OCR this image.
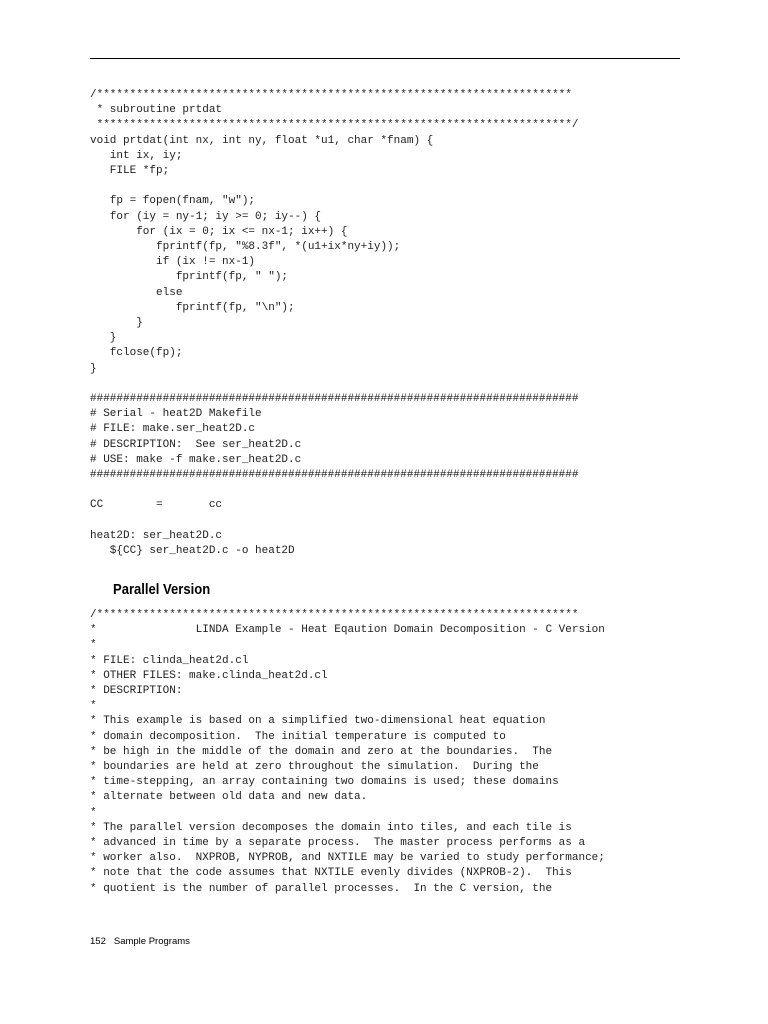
/************************************************************************
* subroutine prtdat
************************************************************************/
void prtdat(int nx, int ny, float *u1, char *fnam) {
int ix, iy;
FILE *fp;

fp = fopen(fnam, "w");
for (iy = ny-1; iy >= 0; iy--) {
for (ix = 0; ix <= nx-1; ix++) {
fprintf(fp, "%8.3f", *(u1+ix*ny+iy));
if (ix != nx-1)
fprintf(fp, " ");
else
fprintf(fp, "\n");
}
}
fclose(fp);
}

##########################################################################
# Serial - heat2D Makefile
# FILE: make.ser_heat2D.c
# DESCRIPTION:  See ser_heat2D.c
# USE: make -f make.ser_heat2D.c
##########################################################################

CC        =       cc

heat2D: ser_heat2D.c
${CC} ser_heat2D.c -o heat2D
Parallel Version
/*************************************************************************
*               LINDA Example - Heat Eqaution Domain Decomposition - C Version
*
* FILE: clinda_heat2d.cl
* OTHER FILES: make.clinda_heat2d.cl
* DESCRIPTION:
*
* This example is based on a simplified two-dimensional heat equation
* domain decomposition.  The initial temperature is computed to
* be high in the middle of the domain and zero at the boundaries.  The
* boundaries are held at zero throughout the simulation.  During the
* time-stepping, an array containing two domains is used; these domains
* alternate between old data and new data.
*
* The parallel version decomposes the domain into tiles, and each tile is
* advanced in time by a separate process.  The master process performs as a
* worker also.  NXPROB, NYPROB, and NXTILE may be varied to study performance;
* note that the code assumes that NXTILE evenly divides (NXPROB-2).  This
* quotient is the number of parallel processes.  In the C version, the
152 Sample Programs
